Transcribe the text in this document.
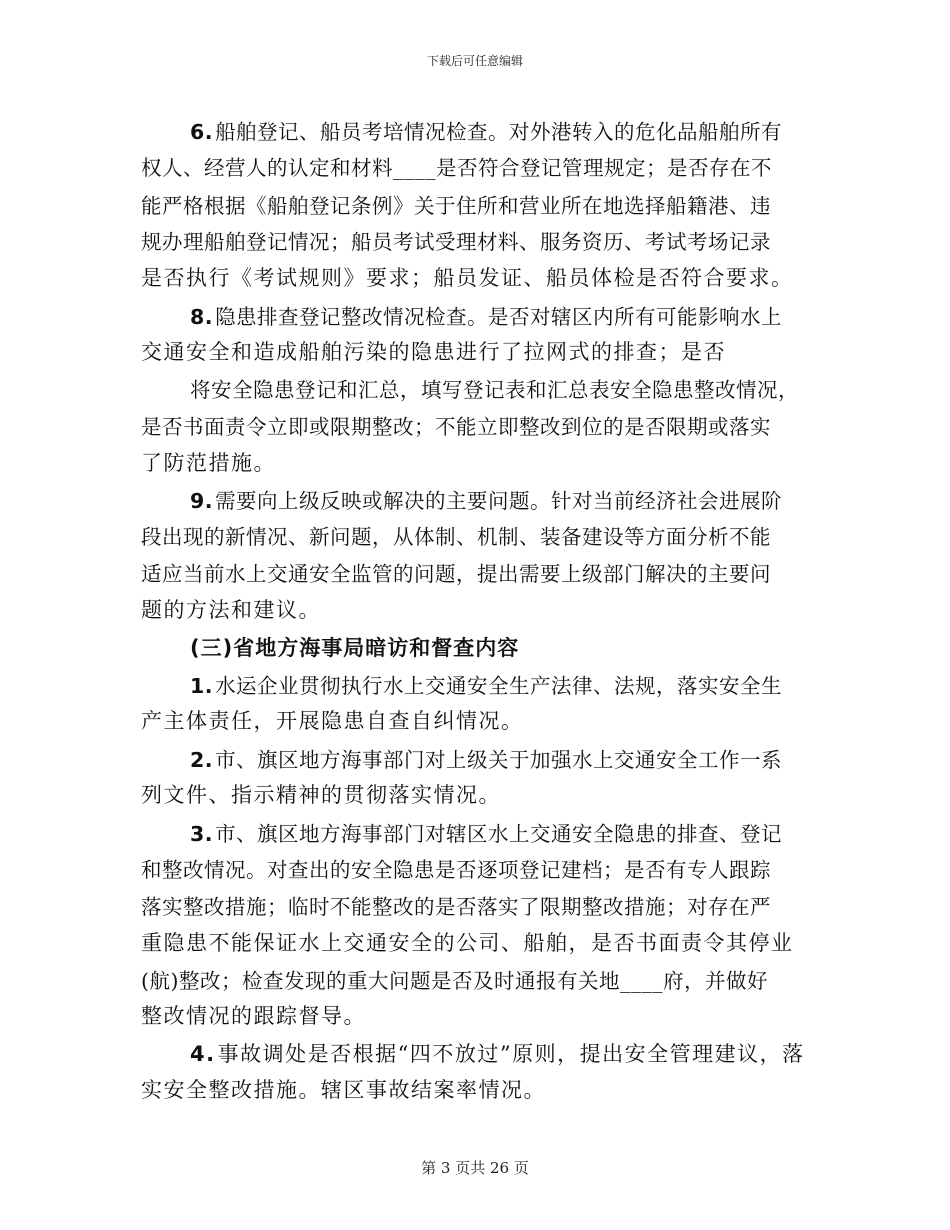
下载后可任意编辑
6.船舶登记、船员考培情况检查。对外港转入的危化品船舶所有
权人、经营人的认定和材料____是否符合登记管理规定；是否存在不
能严格根据《船舶登记条例》关于住所和营业所在地选择船籍港、违
规办理船舶登记情况；船员考试受理材料、服务资历、考试考场记录
是否执行《考试规则》要求；船员发证、船员体检是否符合要求。
8.隐患排查登记整改情况检查。是否对辖区内所有可能影响水上
交通安全和造成船舶污染的隐患进行了拉网式的排查；是否
将安全隐患登记和汇总，填写登记表和汇总表安全隐患整改情况，
是否书面责令立即或限期整改；不能立即整改到位的是否限期或落实
了防范措施。
9.需要向上级反映或解决的主要问题。针对当前经济社会进展阶
段出现的新情况、新问题，从体制、机制、装备建设等方面分析不能
适应当前水上交通安全监管的问题，提出需要上级部门解决的主要问
题的方法和建议。
(三)省地方海事局暗访和督查内容
1.水运企业贯彻执行水上交通安全生产法律、法规，落实安全生
产主体责任，开展隐患自查自纠情况。
2.市、旗区地方海事部门对上级关于加强水上交通安全工作一系
列文件、指示精神的贯彻落实情况。
3.市、旗区地方海事部门对辖区水上交通安全隐患的排查、登记
和整改情况。对查出的安全隐患是否逐项登记建档；是否有专人跟踪
落实整改措施；临时不能整改的是否落实了限期整改措施；对存在严
重隐患不能保证水上交通安全的公司、船舶，是否书面责令其停业
(航)整改；检查发现的重大问题是否及时通报有关地____府，并做好
整改情况的跟踪督导。
4.事故调处是否根据“四不放过”原则，提出安全管理建议，落
实安全整改措施。辖区事故结案率情况。
第 3 页共 26 页
